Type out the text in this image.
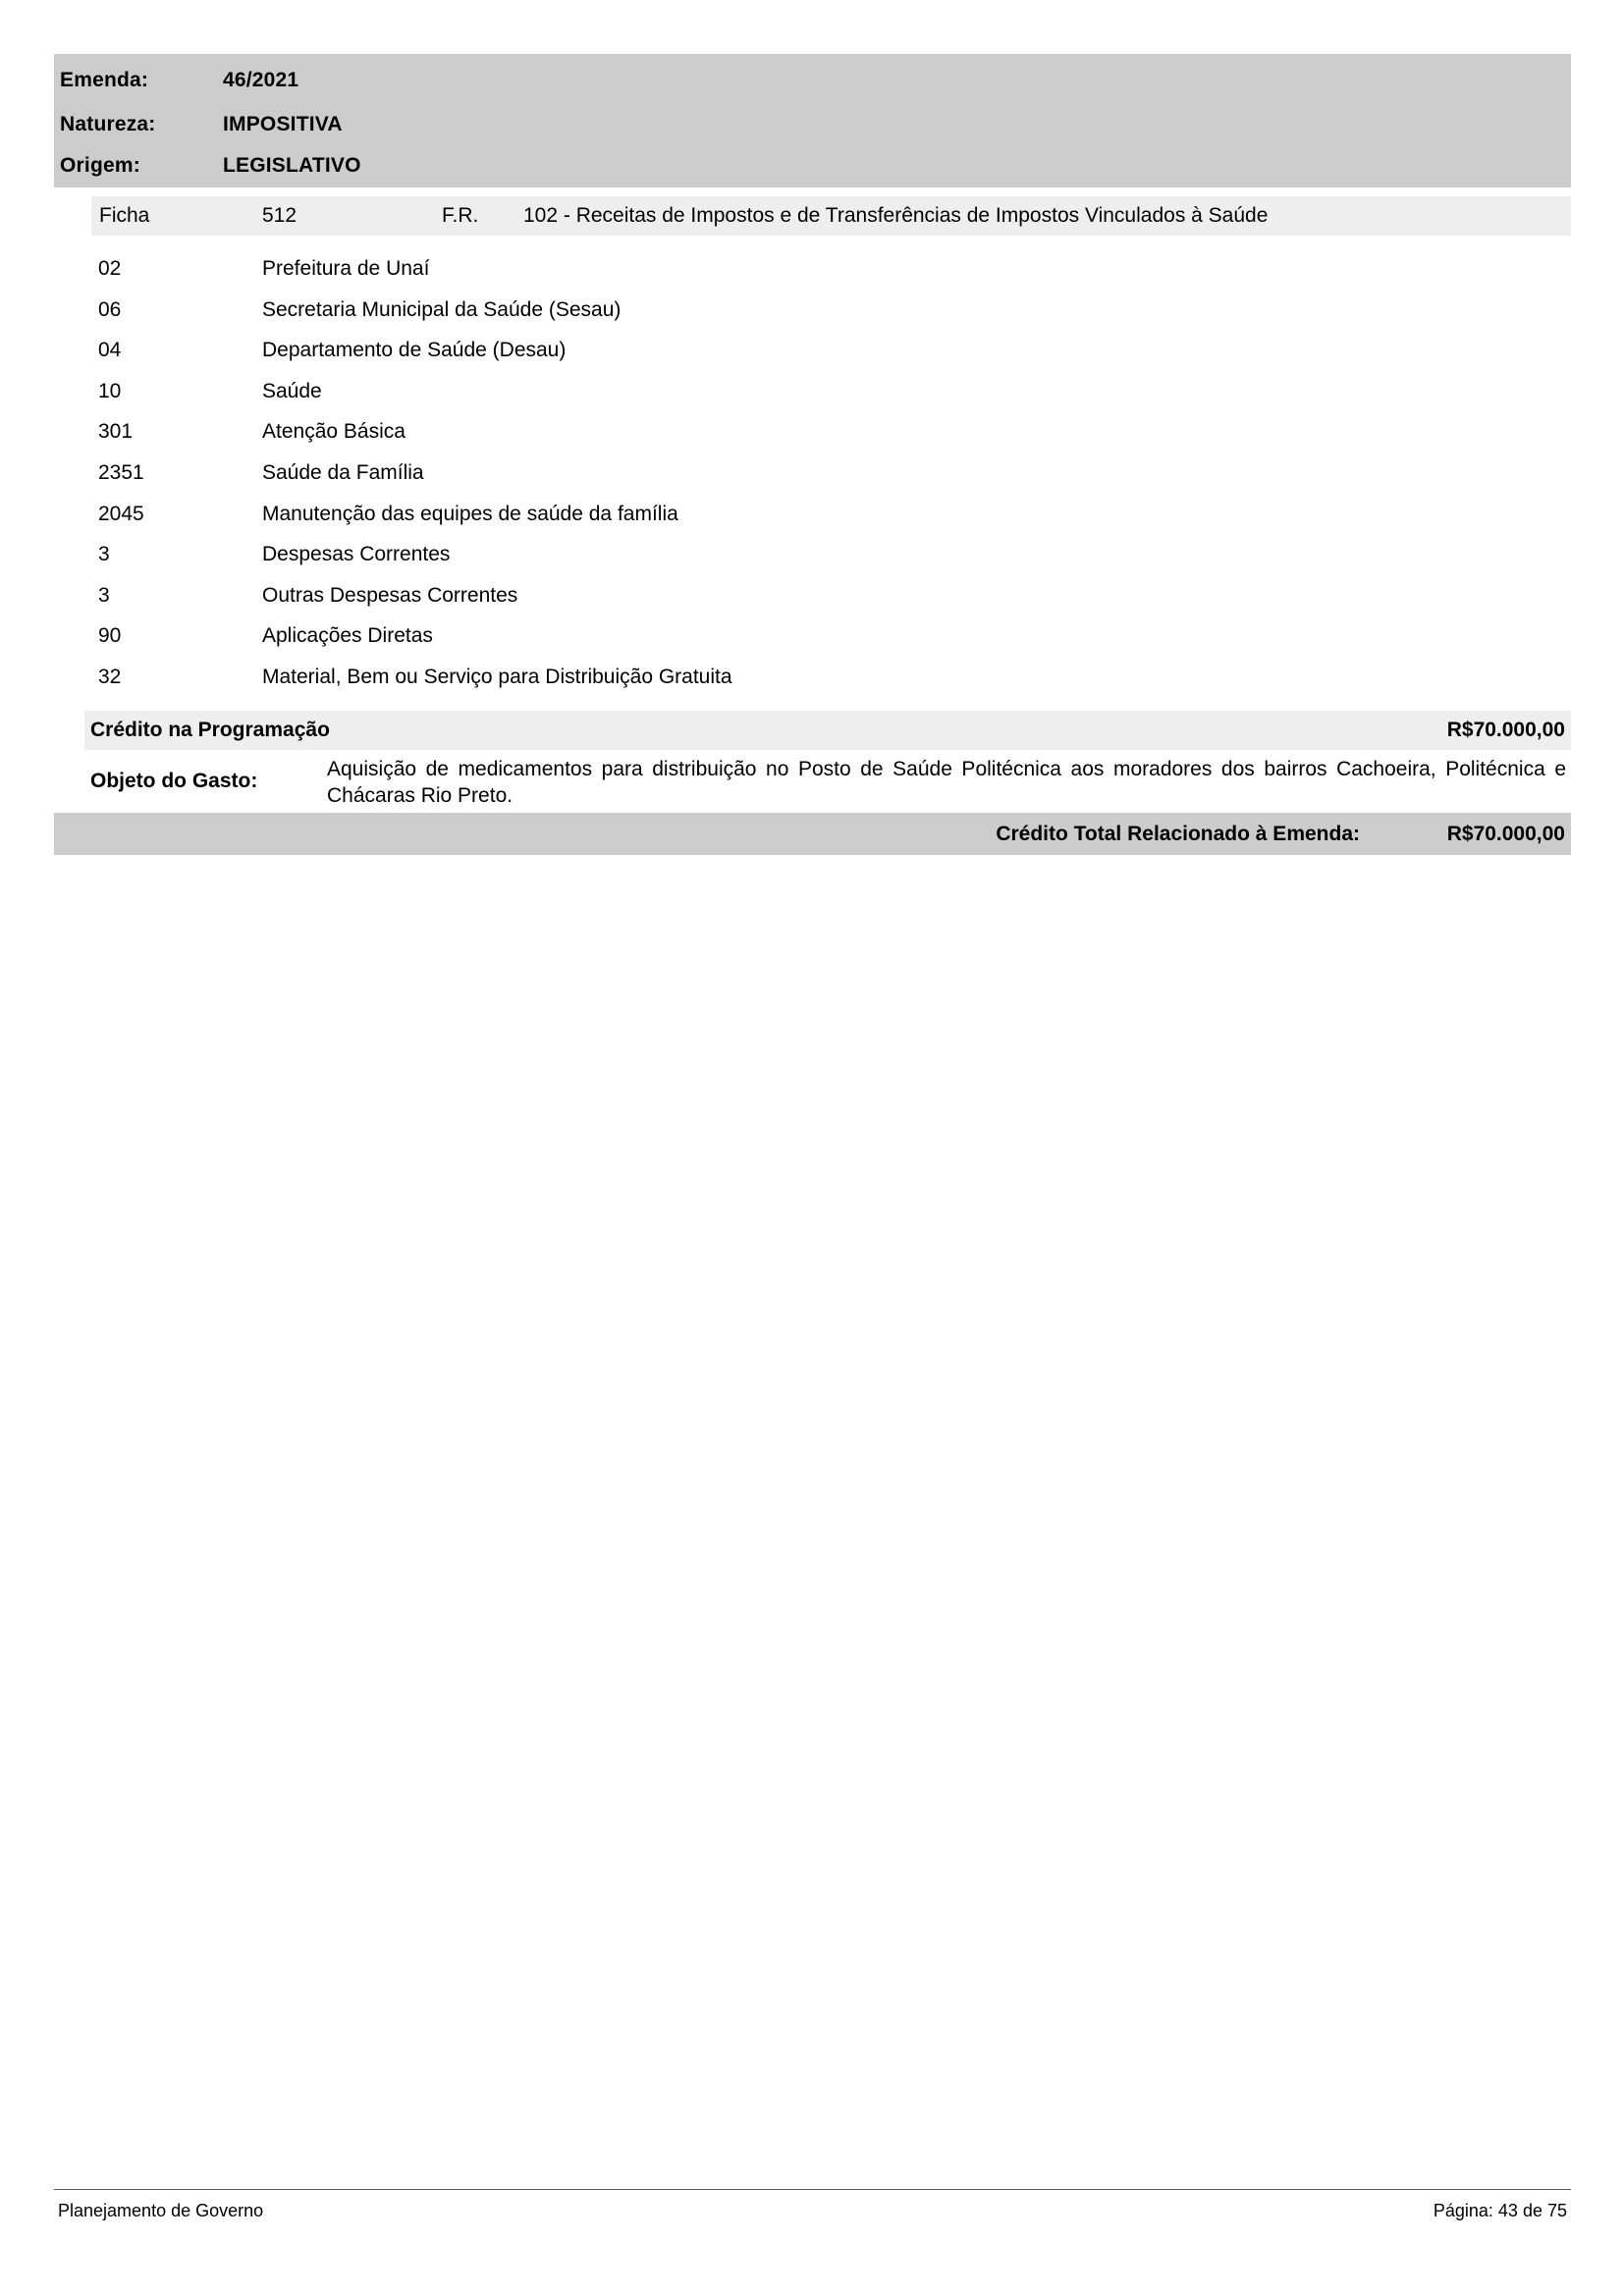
Emenda:	46/2021
Natureza:	IMPOSITIVA
Origem:	LEGISLATIVO
Ficha	512	F.R. 102 - Receitas de Impostos e de Transferências de Impostos Vinculados à Saúde
02	Prefeitura de Unaí
06	Secretaria Municipal da Saúde (Sesau)
04	Departamento de Saúde (Desau)
10	Saúde
301	Atenção Básica
2351	Saúde da Família
2045	Manutenção das equipes de saúde da família
3	Despesas Correntes
3	Outras Despesas Correntes
90	Aplicações Diretas
32	Material, Bem ou Serviço para Distribuição Gratuita
Crédito na Programação	R$70.000,00
Objeto do Gasto:
Aquisição de medicamentos para distribuição no Posto de Saúde Politécnica aos moradores dos bairros Cachoeira, Politécnica e Chácaras Rio Preto.
Crédito Total Relacionado à Emenda:	R$70.000,00
Planejamento de Governo	Página: 43 de 75
